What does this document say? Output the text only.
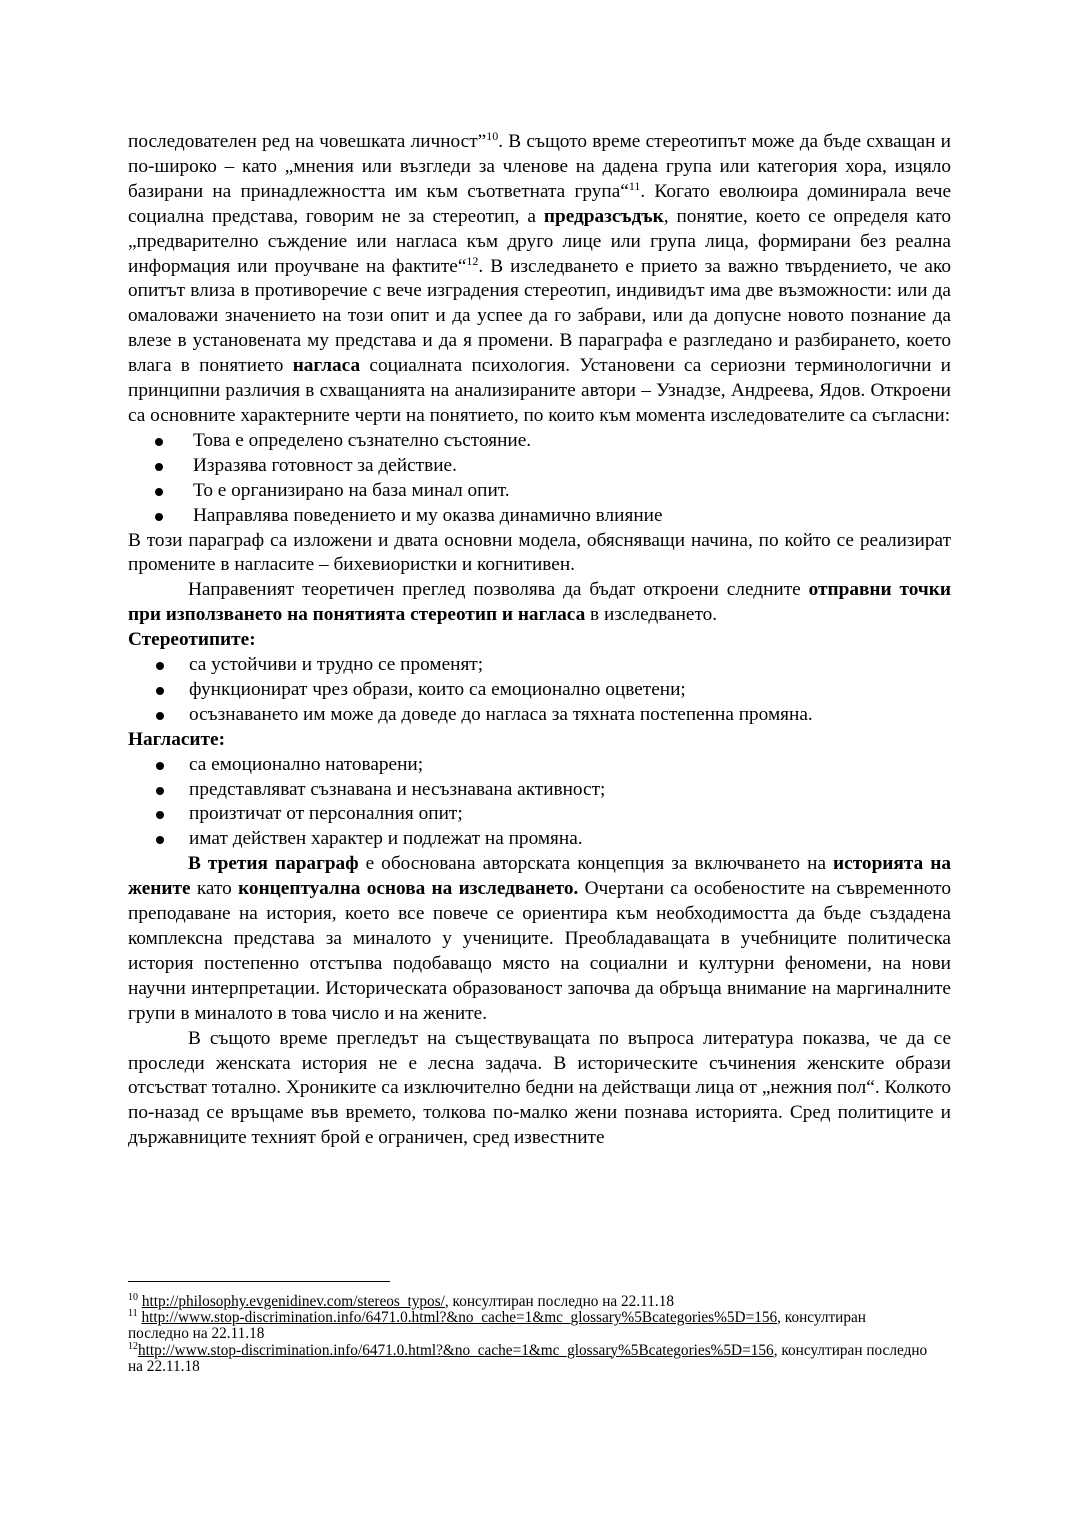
последователен ред на човешката личност”$^{10}$. В същото време стереотипът може да бъде схващан и по-широко – като „мнения или възгледи за членове на дадена група или категория хора, изцяло базирани на принадлежността им към съответната група“$^{11}$. Когато еволюира доминирала вече социална представа, говорим не за стереотип, а предразсъдък, понятие, което се определя като „предварително съждение или нагласа към друго лице или група лица, формирани без реална информация или проучване на фактите“$^{12}$. В изследването е прието за важно твърдението, че ако опитът влиза в противоречие с вече изградения стереотип, индивидът има две възможности: или да омаловажи значението на този опит и да успее да го забрави, или да допусне новото познание да влезе в установената му представа и да я промени. В параграфа е разгледано и разбирането, което влага в понятието нагласа социалната психология. Установени са сериозни терминологични и принципни различия в схващанията на анализираните автори – Узнадзе, Андреева, Ядов. Откроени са основните характерните черти на понятието, по които към момента изследователите са съгласни:

Това е определено съзнателно състояние.
Изразява готовност за действие.
То е организирано на база минал опит.
Направлява поведението и му оказва динамично влияние

В този параграф са изложени и двата основни модела, обясняващи начина, по който се реализират промените в нагласите – бихевиористки и когнитивен.

Направеният теоретичен преглед позволява да бъдат откроени следните отправни точки при използването на понятията стереотип и нагласа в изследването.

Стереотипите:

са устойчиви и трудно се променят;
функционират чрез образи, които са емоционално оцветени;
осъзнаването им може да доведе до нагласа за тяхната постепенна промяна.

Нагласите:

са емоционално натоварени;
представляват съзнавана и несъзнавана активност;
произтичат от персоналния опит;
имат действен характер и подлежат на промяна.

В третия параграф е обоснована авторската концепция за включването на историята на жените като концептуална основа на изследването. Очертани са особеностите на съвременното преподаване на история, което все повече се ориентира към необходимостта да бъде създадена комплексна представа за миналото у учениците. Преобладаващата в учебниците политическа история постепенно отстъпва подобаващо място на социални и културни феномени, на нови научни интерпретации. Историческата образованост започва да обръща внимание на маргиналните групи в миналото в това число и на жените.

В същото време прегледът на съществуващата по въпроса литература показва, че да се проследи женската история не е лесна задача. В историческите съчинения женските образи отсъстват тотално. Хрониките са изключително бедни на действащи лица от „нежния пол“. Колкото по-назад се връщаме във времето, толкова по-малко жени познава историята. Сред политиците и държавниците техният брой е ограничен, сред известните

$^{10}$ http://philosophy.evgenidinev.com/stereos_typos/, консултиран последно на 22.11.18

$^{11}$ http://www.stop-discrimination.info/6471.0.html?&no_cache=1&mc_glossary%5Bcategories%5D=156, консултиран последно на 22.11.18

$^{12}$http://www.stop-discrimination.info/6471.0.html?&no_cache=1&mc_glossary%5Bcategories%5D=156, консултиран последно на 22.11.18
